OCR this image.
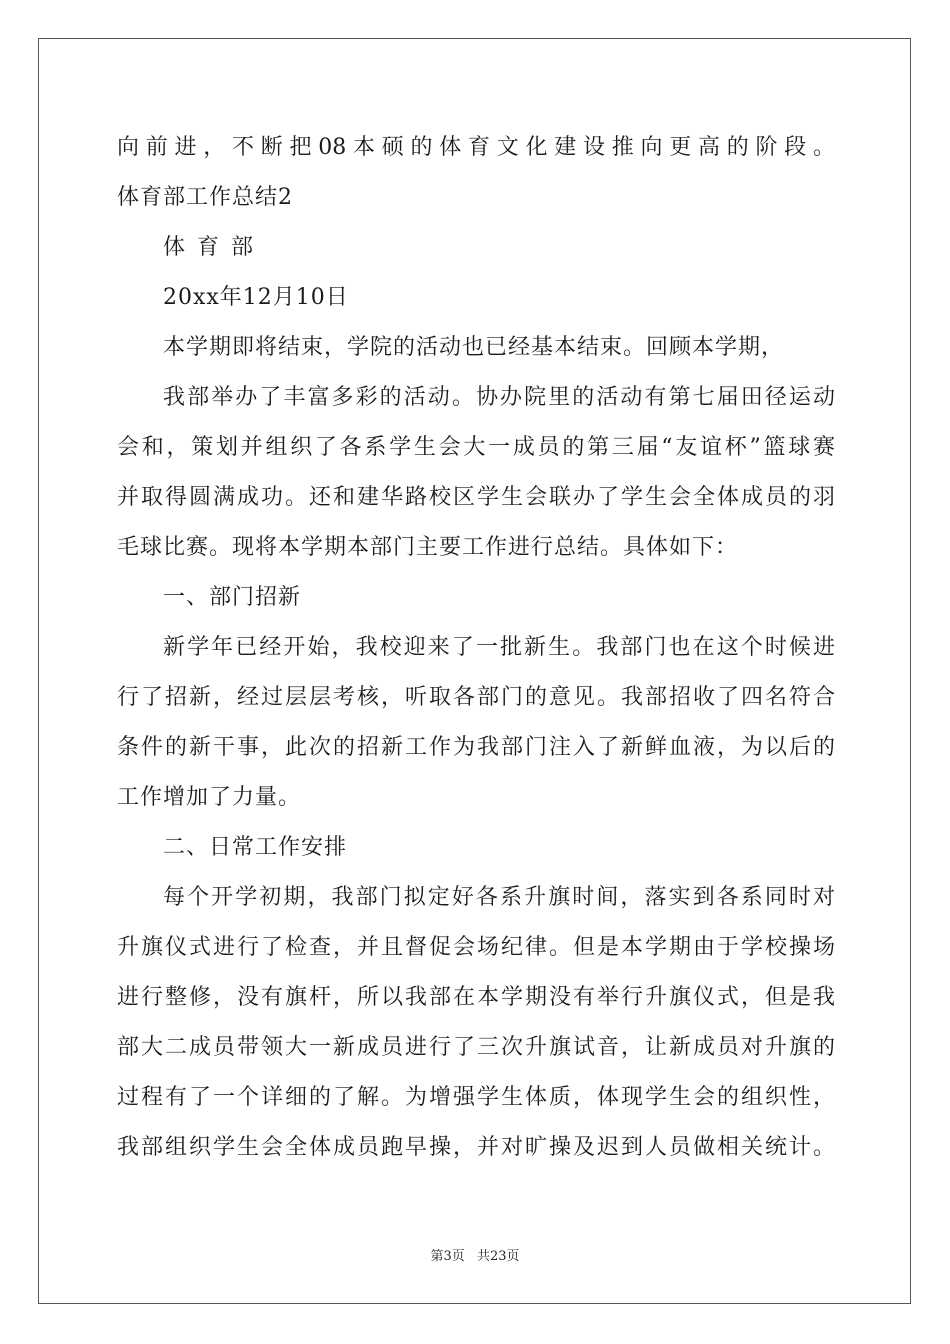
向前进，不断把08本硕的体育文化建设推向更高的阶段。
体育部工作总结2
体育部
20xx年12月10日
本学期即将结束，学院的活动也已经基本结束。回顾本学期，
我部举办了丰富多彩的活动。协办院里的活动有第七届田径运动
会和，策划并组织了各系学生会大一成员的第三届“友谊杯”篮球赛
并取得圆满成功。还和建华路校区学生会联办了学生会全体成员的羽
毛球比赛。现将本学期本部门主要工作进行总结。具体如下：
一、部门招新
新学年已经开始，我校迎来了一批新生。我部门也在这个时候进
行了招新，经过层层考核，听取各部门的意见。我部招收了四名符合
条件的新干事，此次的招新工作为我部门注入了新鲜血液，为以后的
工作增加了力量。
二、日常工作安排
每个开学初期，我部门拟定好各系升旗时间，落实到各系同时对
升旗仪式进行了检查，并且督促会场纪律。但是本学期由于学校操场
进行整修，没有旗杆，所以我部在本学期没有举行升旗仪式，但是我
部大二成员带领大一新成员进行了三次升旗试音，让新成员对升旗的
过程有了一个详细的了解。为增强学生体质，体现学生会的组织性，
我部组织学生会全体成员跑早操，并对旷操及迟到人员做相关统计。
第3页 共23页
